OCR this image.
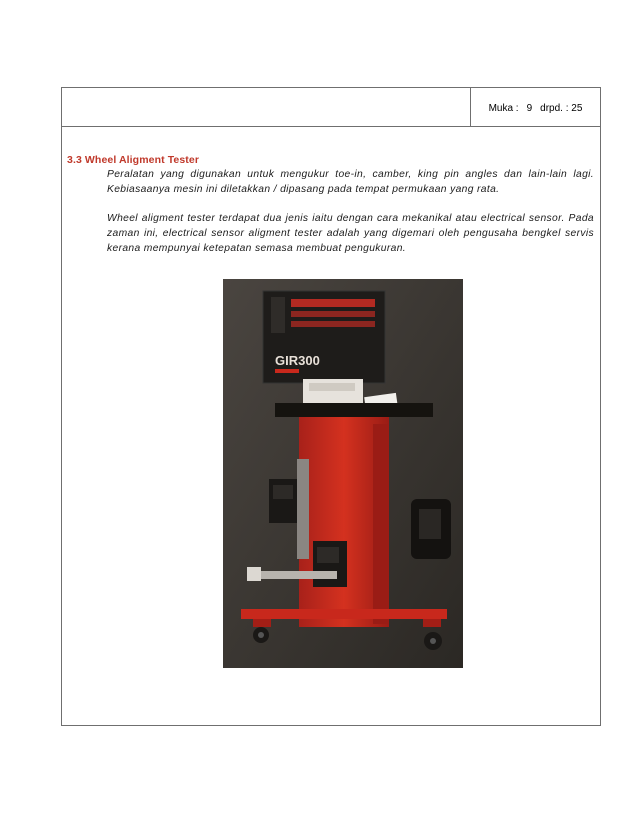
Muka : 9 drpd. : 25
3.3 Wheel Aligment Tester
Peralatan yang digunakan untuk mengukur toe-in, camber, king pin angles dan lain-lain lagi. Kebiasaanya mesin ini diletakkan / dipasang pada tempat permukaan yang rata.
Wheel aligment tester terdapat dua jenis iaitu dengan cara mekanikal atau electrical sensor. Pada zaman ini, electrical sensor aligment tester adalah yang digemari oleh pengusaha bengkel servis kerana mempunyai ketepatan semasa membuat pengukuran.
GIR300
